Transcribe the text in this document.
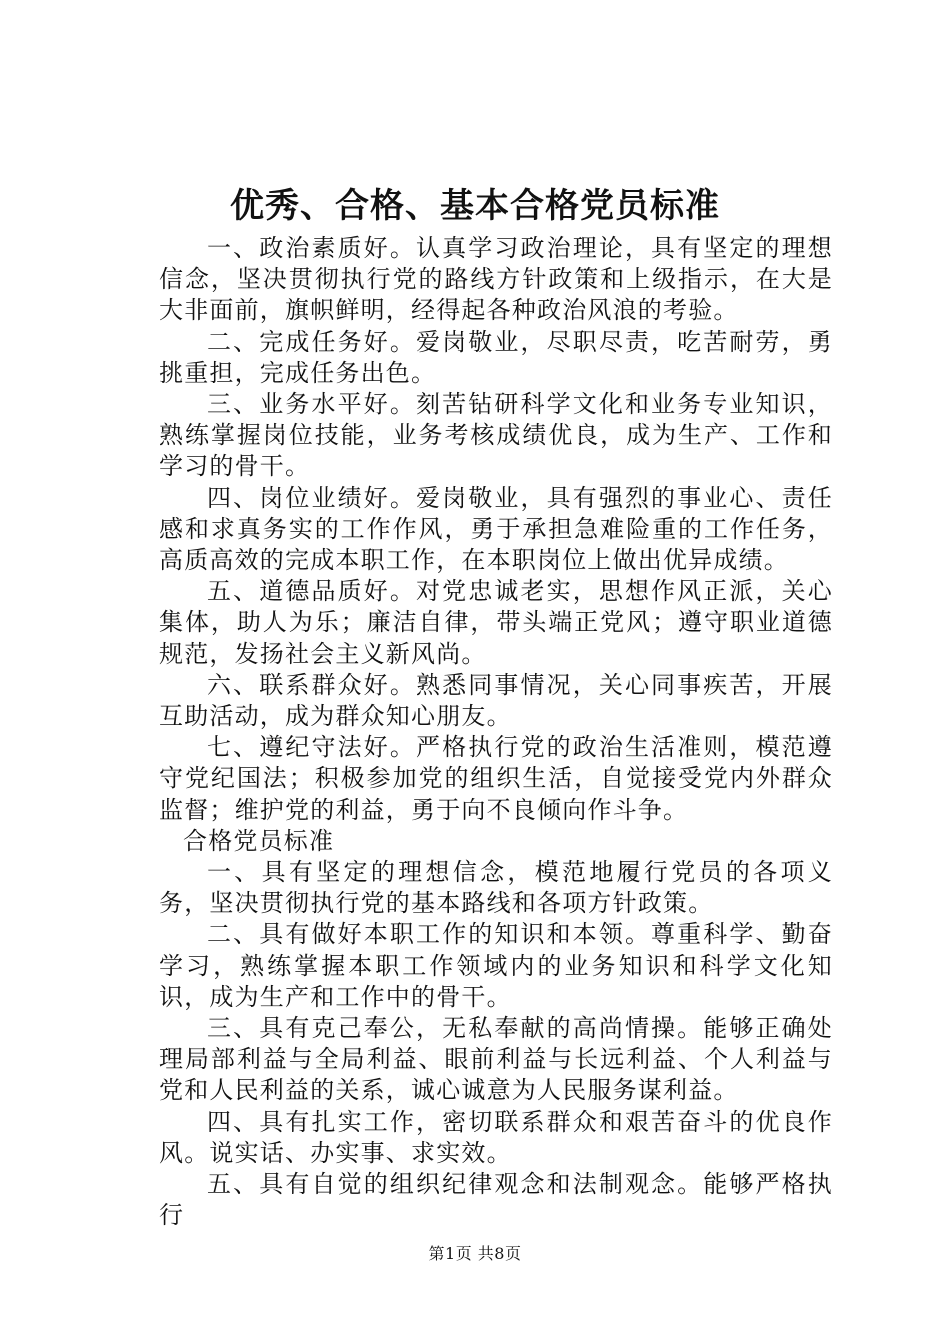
优秀、合格、基本合格党员标准

一、政治素质好。认真学习政治理论，具有坚定的理想信念，坚决贯彻执行党的路线方针政策和上级指示，在大是大非面前，旗帜鲜明，经得起各种政治风浪的考验。

二、完成任务好。爱岗敬业，尽职尽责，吃苦耐劳，勇挑重担，完成任务出色。

三、业务水平好。刻苦钻研科学文化和业务专业知识，熟练掌握岗位技能，业务考核成绩优良，成为生产、工作和学习的骨干。

四、岗位业绩好。爱岗敬业，具有强烈的事业心、责任感和求真务实的工作作风，勇于承担急难险重的工作任务，高质高效的完成本职工作，在本职岗位上做出优异成绩。

五、道德品质好。对党忠诚老实，思想作风正派，关心集体，助人为乐；廉洁自律，带头端正党风；遵守职业道德规范，发扬社会主义新风尚。

六、联系群众好。熟悉同事情况，关心同事疾苦，开展互助活动，成为群众知心朋友。

七、遵纪守法好。严格执行党的政治生活准则，模范遵守党纪国法；积极参加党的组织生活，自觉接受党内外群众监督；维护党的利益，勇于向不良倾向作斗争。

合格党员标准

一、具有坚定的理想信念，模范地履行党员的各项义务，坚决贯彻执行党的基本路线和各项方针政策。

二、具有做好本职工作的知识和本领。尊重科学、勤奋学习，熟练掌握本职工作领域内的业务知识和科学文化知识，成为生产和工作中的骨干。

三、具有克己奉公，无私奉献的高尚情操。能够正确处理局部利益与全局利益、眼前利益与长远利益、个人利益与党和人民利益的关系，诚心诚意为人民服务谋利益。

四、具有扎实工作，密切联系群众和艰苦奋斗的优良作风。说实话、办实事、求实效。

五、具有自觉的组织纪律观念和法制观念。能够严格执行

第1页 共8页
